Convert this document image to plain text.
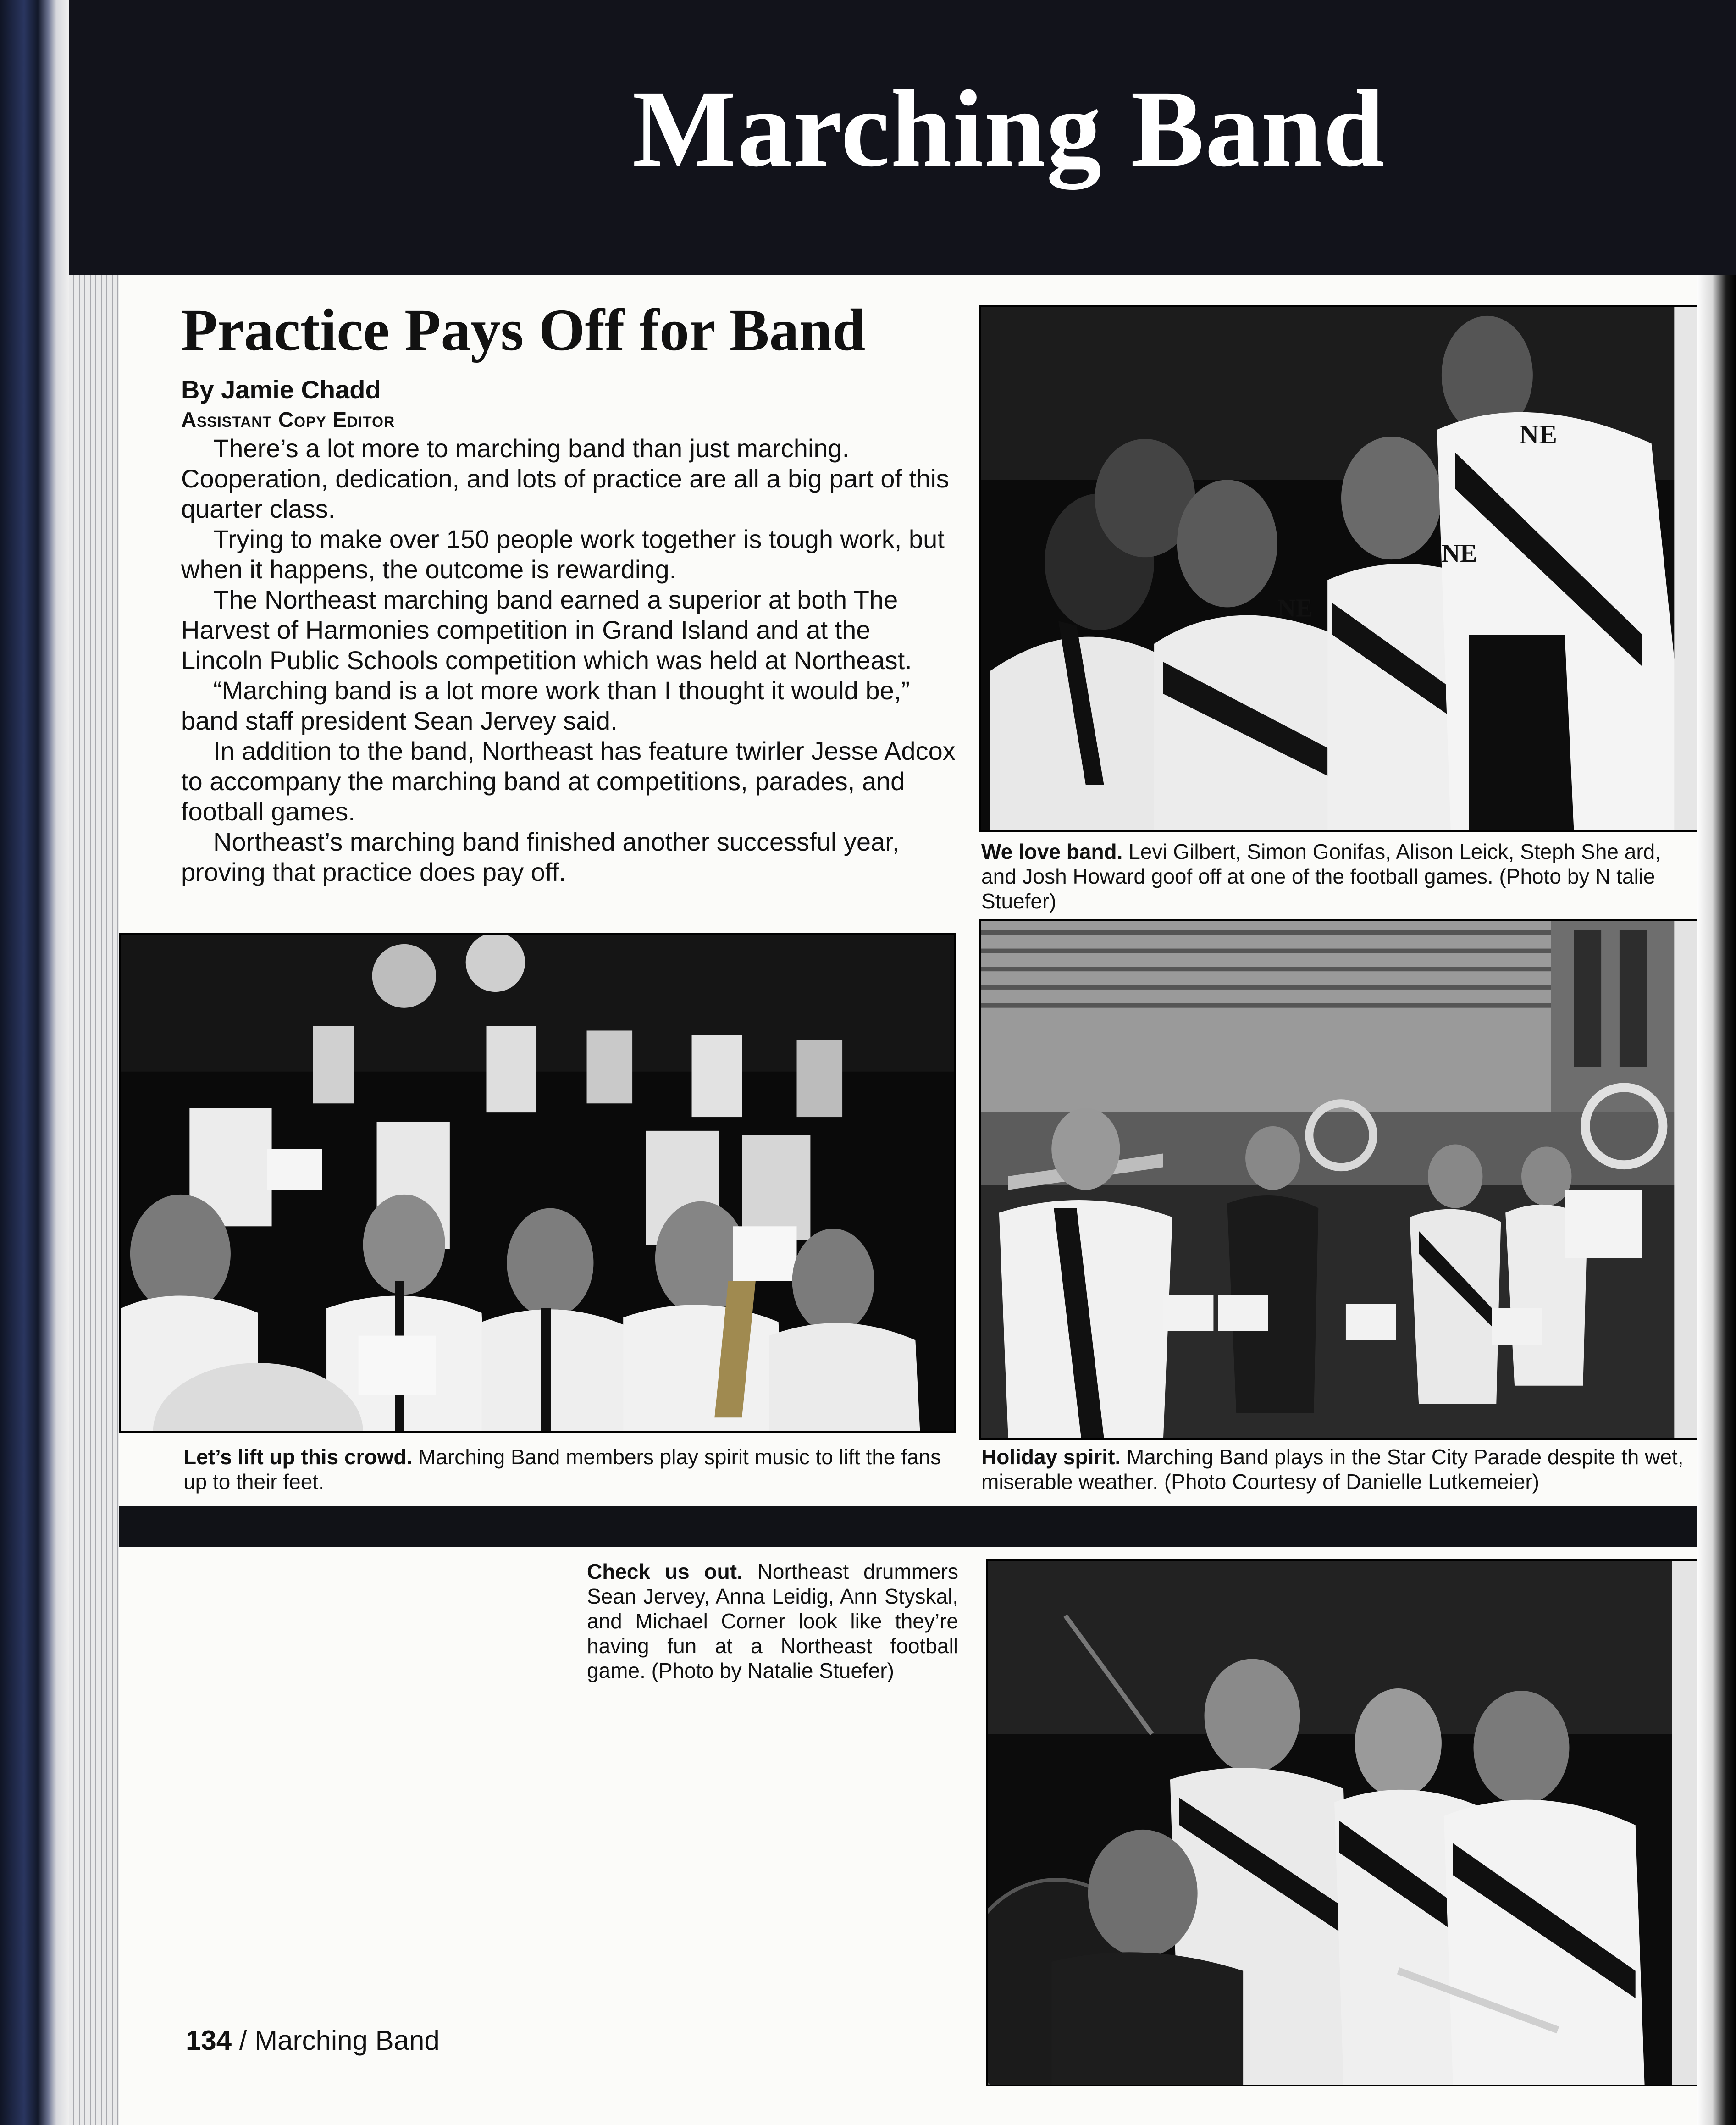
Marching Band
Practice Pays Off for Band
By Jamie Chadd
Assistant Copy Editor

There’s a lot more to marching band than just marching. Cooperation, dedication, and lots of practice are all a big part of this quarter class.

Trying to make over 150 people work together is tough work, but when it happens, the outcome is rewarding.

The Northeast marching band earned a superior at both The Harvest of Harmonies competition in Grand Island and at the Lincoln Public Schools competition which was held at Northeast.

“Marching band is a lot more work than I thought it would be,” band staff president Sean Jervey said.

In addition to the band, Northeast has feature twirler Jesse Adcox to accompany the marching band at competitions, parades, and football games.

Northeast’s marching band finished another successful year, proving that practice does pay off.

NE
NE
NE
We love band. Levi Gilbert, Simon Gonifas, Alison Leick, Steph She ard, and Josh Howard goof off at one of the football games. (Photo by N talie Stuefer)
Let’s lift up this crowd. Marching Band members play spirit music to lift the fans up to their feet.
Holiday spirit. Marching Band plays in the Star City Parade despite th wet, miserable weather. (Photo Courtesy of Danielle Lutkemeier)
Check us out. Northeast drummers Sean Jervey, Anna Leidig, Ann Styskal, and Michael Corner look like they’re having fun at a Northeast football game. (Photo by Natalie Stuefer)
134 / Marching Band
